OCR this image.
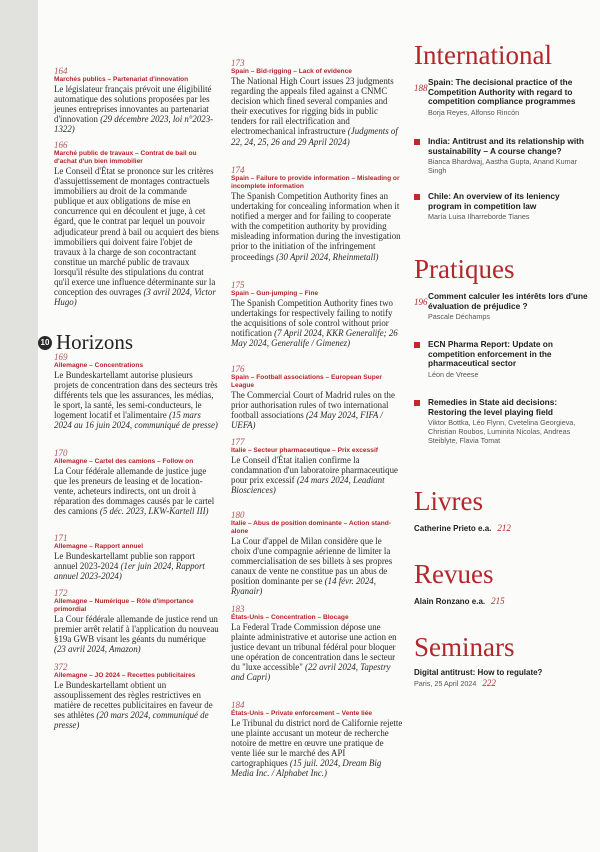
164
Marchés publics – Partenariat d'innovation
Le législateur français prévoit une éligibilité automatique des solutions proposées par les jeunes entreprises innovantes au partenariat d'innovation (29 décembre 2023, loi n°2023-1322)
166
Marché public de travaux – Contrat de bail ou d'achat d'un bien immobilier
Le Conseil d'État se prononce sur les critères d'assujettissement de montages contractuels immobiliers au droit de la commande publique et aux obligations de mise en concurrence qui en découlent et juge, à cet égard, que le contrat par lequel un pouvoir adjudicateur prend à bail ou acquiert des biens immobiliers qui doivent faire l'objet de travaux à la charge de son cocontractant constitue un marché public de travaux lorsqu'il résulte des stipulations du contrat qu'il exerce une influence déterminante sur la conception des ouvrages (3 avril 2024, Victor Hugo)
169
Allemagne – Concentrations
Le Bundeskartellamt autorise plusieurs projets de concentration dans des secteurs très différents tels que les assurances, les médias, le sport, la santé, les semi-conducteurs, le logement locatif et l'alimentaire (15 mars 2024 au 16 juin 2024, communiqué de presse)
170
Allemagne – Cartel des camions – Follow on
La Cour fédérale allemande de justice juge que les preneurs de leasing et de location-vente, acheteurs indirects, ont un droit à réparation des dommages causés par le cartel des camions (5 déc. 2023, LKW-Kartell III)
171
Allemagne – Rapport annuel
Le Bundeskartellamt publie son rapport annuel 2023-2024 (1er juin 2024, Rapport annuel 2023-2024)
172
Allemagne – Numérique – Rôle d'importance primordial
La Cour fédérale allemande de justice rend un premier arrêt relatif à l'application du nouveau §19a GWB visant les géants du numérique (23 avril 2024, Amazon)
372
Allemagne – JO 2024 – Recettes publicitaires
Le Bundeskartellamt obtient un assouplissement des règles restrictives en matière de recettes publicitaires en faveur de ses athlètes (20 mars 2024, communiqué de presse)
10 Horizons
173
Spain – Bid-rigging – Lack of evidence
The National High Court issues 23 judgments regarding the appeals filed against a CNMC decision which fined several companies and their executives for rigging bids in public tenders for rail electrification and electromechanical infrastructure (Judgments of 22, 24, 25, 26 and 29 April 2024)
174
Spain – Failure to provide information – Misleading or incomplete information
The Spanish Competition Authority fines an undertaking for concealing information when it notified a merger and for failing to cooperate with the competition authority by providing misleading information during the investigation prior to the initiation of the infringement proceedings (30 April 2024, Rheinmetall)
175
Spain – Gun-jumping – Fine
The Spanish Competition Authority fines two undertakings for respectively failing to notify the acquisitions of sole control without prior notification (7 April 2024, KKR Generalife; 26 May 2024, Generalife / Gimenez)
176
Spain – Football associations – European Super League
The Commercial Court of Madrid rules on the prior authorisation rules of two international football associations (24 May 2024, FIFA / UEFA)
177
Italie – Secteur pharmaceutique – Prix excessif
Le Conseil d'État italien confirme la condamnation d'un laboratoire pharmaceutique pour prix excessif (24 mars 2024, Leadiant Biosciences)
180
Italie – Abus de position dominante – Action stand-alone
La Cour d'appel de Milan considère que le choix d'une compagnie aérienne de limiter la commercialisation de ses billets à ses propres canaux de vente ne constitue pas un abus de position dominante per se (14 févr. 2024, Ryanair)
183
États-Unis – Concentration – Blocage
La Federal Trade Commission dépose une plainte administrative et autorise une action en justice devant un tribunal fédéral pour bloquer une opération de concentration dans le secteur du "luxe accessible" (22 avril 2024, Tapestry and Capri)
184
États-Unis – Private enforcement – Vente liée
Le Tribunal du district nord de Californie rejette une plainte accusant un moteur de recherche notoire de mettre en œuvre une pratique de vente liée sur le marché des API cartographiques (15 juil. 2024, Dream Big Media Inc. / Alphabet Inc.)
International
188
Spain: The decisional practice of the Competition Authority with regard to competition compliance programmes
Borja Reyes, Alfonso Rincón
India: Antitrust and its relationship with sustainability – A course change?
Bianca Bhardwaj, Aastha Gupta, Anand Kumar Singh
Chile: An overview of its leniency program in competition law
María Luisa Ilharreborde Tianes
Pratiques
196
Comment calculer les intérêts lors d'une évaluation de préjudice ?
Pascale Déchamps
ECN Pharma Report: Update on competition enforcement in the pharmaceutical sector
Léon de Vreese
Remedies in State aid decisions: Restoring the level playing field
Viktor Bottka, Léo Flynn, Cvetelina Georgieva, Christian Roubos, Luminita Nicolas, Andreas Steiblyte, Flavia Tomat
Livres
Catherine Prieto e.a. 212
Revues
Alain Ronzano e.a. 215
Seminars
Digital antitrust: How to regulate?
Paris, 25 April 2024 222
